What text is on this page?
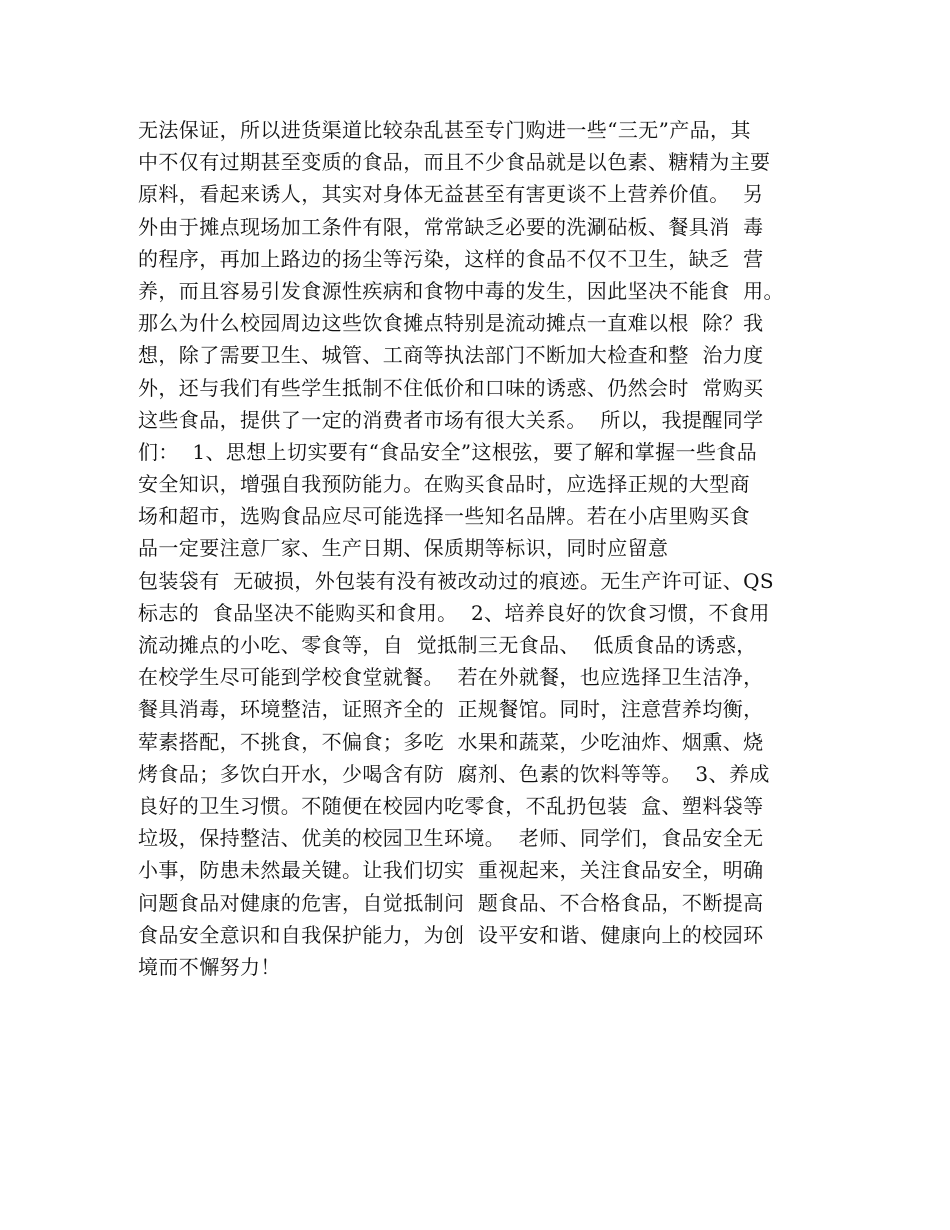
无法保证，所以进货渠道比较杂乱甚至专门购进一些“三无”产品，其
中不仅有过期甚至变质的食品，而且不少食品就是以色素、糖精为主要
原料，看起来诱人，其实对身体无益甚至有害更谈不上营养价值。  另
外由于摊点现场加工条件有限，常常缺乏必要的洗涮砧板、餐具消  毒
的程序，再加上路边的扬尘等污染，这样的食品不仅不卫生，缺乏  营
养，而且容易引发食源性疾病和食物中毒的发生，因此坚决不能食  用。
那么为什么校园周边这些饮食摊点特别是流动摊点一直难以根  除？我
想，除了需要卫生、城管、工商等执法部门不断加大检查和整  治力度
外，还与我们有些学生抵制不住低价和口味的诱惑、仍然会时  常购买
这些食品，提供了一定的消费者市场有很大关系。  所以，我提醒同学
们：  1、思想上切实要有“食品安全”这根弦，要了解和掌握一些食品
安全知识，增强自我预防能力。在购买食品时，应选择正规的大型商
场和超市，选购食品应尽可能选择一些知名品牌。若在小店里购买食
品一定要注意厂家、生产日期、保质期等标识，同时应留意
包装袋有  无破损，外包装有没有被改动过的痕迹。无生产许可证、QS
标志的  食品坚决不能购买和食用。  2、培养良好的饮食习惯，不食用
流动摊点的小吃、零食等，自  觉抵制三无食品、  低质食品的诱惑，
在校学生尽可能到学校食堂就餐。  若在外就餐，也应选择卫生洁净，
餐具消毒，环境整洁，证照齐全的  正规餐馆。同时，注意营养均衡，
荤素搭配，不挑食，不偏食；多吃  水果和蔬菜，少吃油炸、烟熏、烧
烤食品；多饮白开水，少喝含有防  腐剂、色素的饮料等等。  3、养成
良好的卫生习惯。不随便在校园内吃零食，不乱扔包装  盒、塑料袋等
垃圾，保持整洁、优美的校园卫生环境。  老师、同学们，食品安全无
小事，防患未然最关键。让我们切实  重视起来，关注食品安全，明确
问题食品对健康的危害，自觉抵制问  题食品、不合格食品，不断提高
食品安全意识和自我保护能力，为创  设平安和谐、健康向上的校园环
境而不懈努力！
